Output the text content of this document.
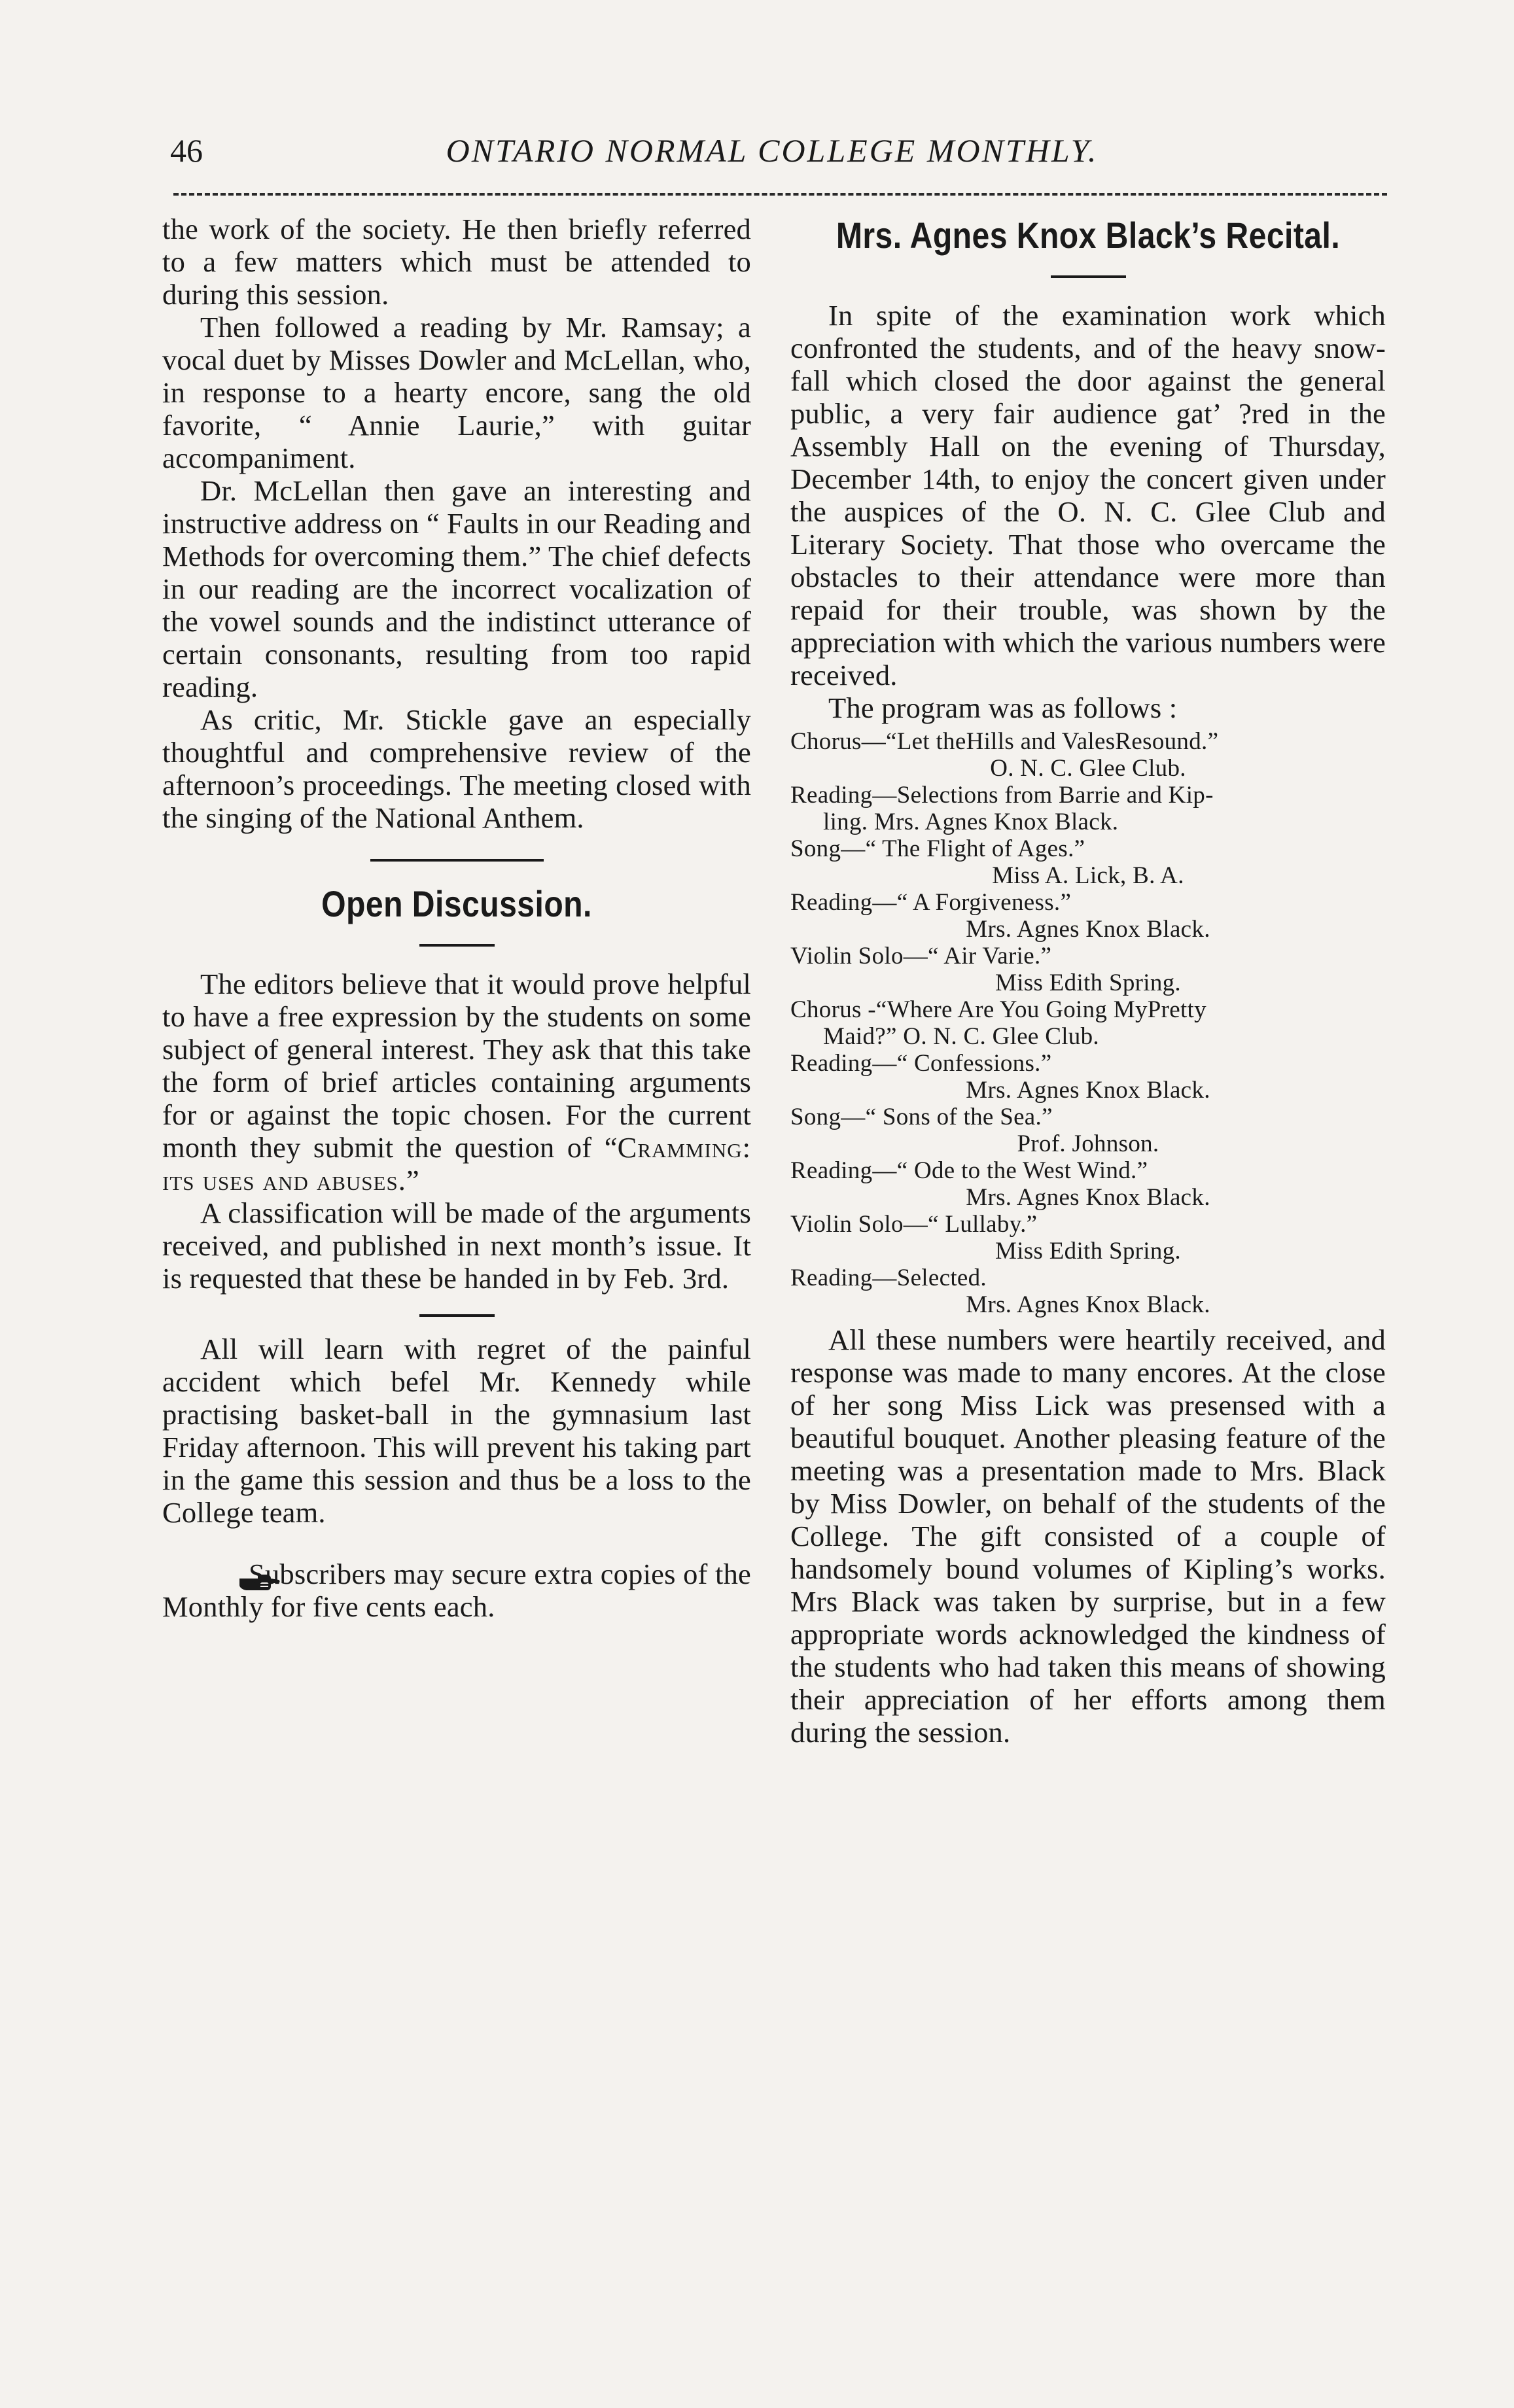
46	ONTARIO NORMAL COLLEGE MONTHLY.

the work of the society. He then briefly referred to a few matters which must be attended to during this session.

Then followed a reading by Mr. Ramsay; a vocal duet by Misses Dowler and McLellan, who, in response to a hearty encore, sang the old favorite, “ Annie Laurie,” with guitar accompaniment.

Dr. McLellan then gave an interesting and instructive address on “ Faults in our Reading and Methods for overcoming them.” The chief defects in our reading are the incorrect vocalization of the vowel sounds and the indistinct utterance of certain consonants, resulting from too rapid reading.

As critic, Mr. Stickle gave an especially thoughtful and comprehensive review of the afternoon’s proceedings. The meeting closed with the singing of the National Anthem.

Open Discussion.

The editors believe that it would prove helpful to have a free expression by the students on some subject of general interest. They ask that this take the form of brief articles containing arguments for or against the topic chosen. For the current month they submit the question of “Cramming: its uses and abuses.”

A classification will be made of the arguments received, and published in next month’s issue. It is requested that these be handed in by Feb. 3rd.

All will learn with regret of the painful accident which befel Mr. Kennedy while practising basket-ball in the gymnasium last Friday afternoon. This will prevent his taking part in the game this session and thus be a loss to the College team.

Subscribers may secure extra copies of the Monthly for five cents each.

Mrs. Agnes Knox Black’s Recital.

In spite of the examination work which confronted the students, and of the heavy snow-fall which closed the door against the general public, a very fair audience gat’ ?red in the Assembly Hall on the evening of Thursday, December 14th, to enjoy the concert given under the auspices of the O. N. C. Glee Club and Literary Society. That those who overcame the obstacles to their attendance were more than repaid for their trouble, was shown by the appreciation with which the various numbers were received.

The program was as follows :

Chorus—“Let theHills and ValesResound.”
O. N. C. Glee Club.
Reading—Selections from Barrie and Kip-
ling. Mrs. Agnes Knox Black.
Song—“ The Flight of Ages.”
Miss A. Lick, B. A.
Reading—“ A Forgiveness.”
Mrs. Agnes Knox Black.
Violin Solo—“ Air Varie.”
Miss Edith Spring.
Chorus -“Where Are You Going MyPretty
Maid?” O. N. C. Glee Club.
Reading—“ Confessions.”
Mrs. Agnes Knox Black.
Song—“ Sons of the Sea.”
Prof. Johnson.
Reading—“ Ode to the West Wind.”
Mrs. Agnes Knox Black.
Violin Solo—“ Lullaby.”
Miss Edith Spring.
Reading—Selected.
Mrs. Agnes Knox Black.

All these numbers were heartily received, and response was made to many encores. At the close of her song Miss Lick was presensed with a beautiful bouquet. Another pleasing feature of the meeting was a presentation made to Mrs. Black by Miss Dowler, on behalf of the students of the College. The gift consisted of a couple of handsomely bound volumes of Kipling’s works. Mrs Black was taken by surprise, but in a few appropriate words acknowledged the kindness of the students who had taken this means of showing their appreciation of her efforts among them during the session.
